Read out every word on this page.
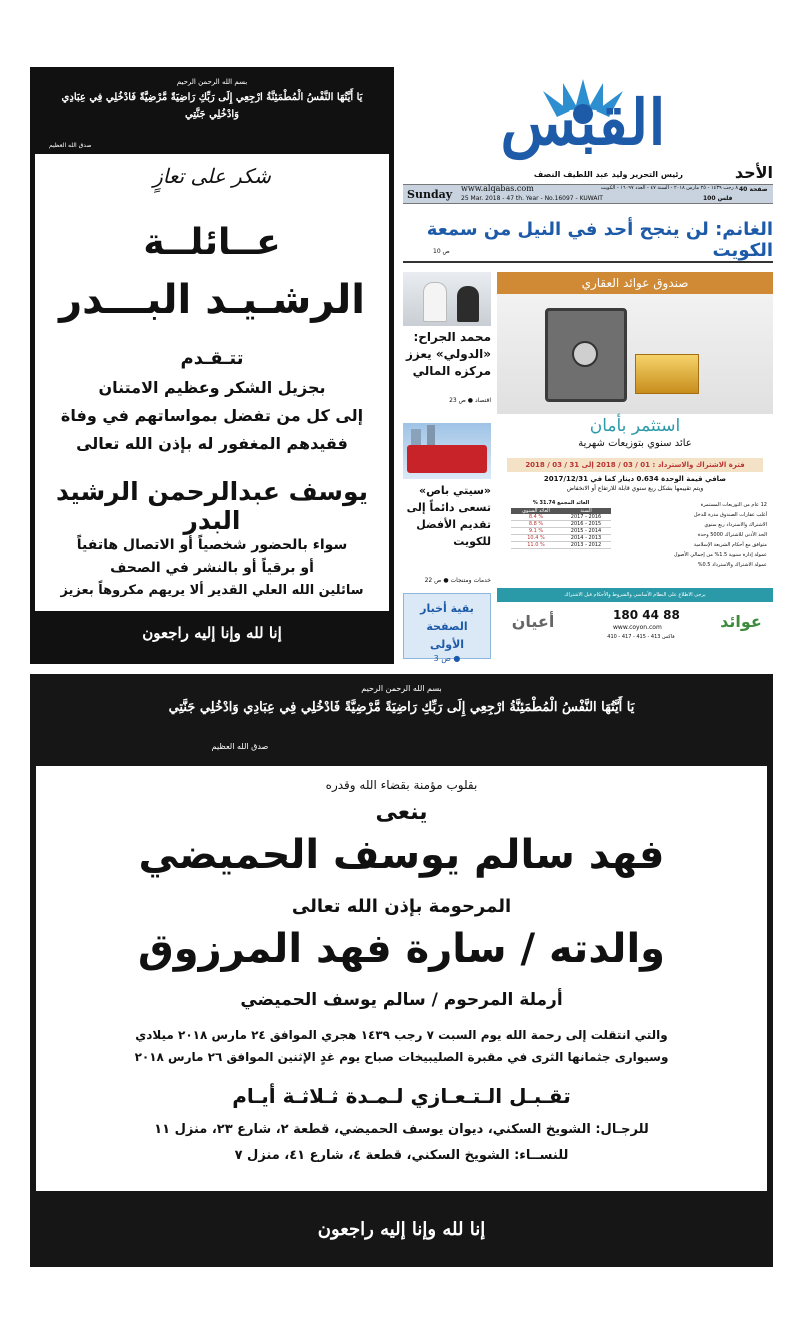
بسم الله الرحمن الرحيم
يَا أَيَّتُهَا النَّفْسُ الْمُطْمَئِنَّةُ ارْجِعِي إِلَى رَبِّكِ رَاضِيَةً مَّرْضِيَّةً فَادْخُلِي فِي عِبَادِي وَادْخُلِي جَنَّتِي
صدق الله العظيم
شكر على تعازٍ
عــائلــة
الرشـيـد البـــدر
تتـقـدم
بجزيل الشكر وعظيم الامتنان
إلى كل من تفضل بمواساتهم في وفاة
فقيدهم المغفور له بإذن الله تعالى
يوسف عبدالرحمن الرشيد البدر
سواء بالحضور شخصياً أو الاتصال هاتفياً
أو برقياً أو بالنشر في الصحف
سائلين الله العلي القدير ألا يريهم مكروهاً بعزيز
إنا لله وإنا إليه راجعون
القبس
رئيس التحرير وليد عبد اللطيف النصف	الأحد
Sunday www.alqabas.com
25 Mar. 2018 - 47 th. Year - No.16097 - KUWAIT
٨ رجب ١٤٣٩ - ٢٥ مارس ٢٠١٨ - السنة ٤٧ - العدد ١٦٠٩٧ - الكويت 40 صفحة
100 فلس
الغانم: لن ينجح أحد في النيل من سمعة الكويت
ص 10
محمد الجراح: «الدولي» يعزز مركزه المالي
اقتصاد ● ص 23
«سيتي باص» تسعى دائماً إلى تقديم الأفضل للكويت
خدمات ومتنجات ● ص 22
بقية أخبار الصفحة الأولى
● ص 3
صندوق عوائد العقاري
استثمر بأمان
عائد سنوي بتوزيعات شهرية
فترة الاشتراك والاسترداد : 01 / 03 / 2018 إلى 31 / 03 / 2018
صافي قيمة الوحدة 0.634 دينار كما في 2017/12/31
ويتم تقييمها بشكل ربع سنوي قابلة للارتفاع أو الانخفاض
العائد المجمع 31.74 %
السنة
العائد السنوي
2016 - 2017
% 8.4
2015 - 2016
% 8.8
2014 - 2015
% 9.1
2013 - 2014
% 10.4
2012 - 2013
% 11.0
12 عام من التوزيعات المستمرة
أغلب عقارات الصندوق مدرة للدخل
الاشتراك والاسترداد ربع سنوي
الحد الأدنى للاشتراك 5000 وحدة
متوافق مع أحكام الشريعة الإسلامية
عمولة إدارة سنوية 1.5% من إجمالي الأصول
عمولة الاشتراك والاسترداد 0.5%
يرجى الاطلاع على النظام الأساسي والشروط والأحكام قبل الاشتراك
أعيان	180 44 88
www.coyon.com
فاكس 413 - 415 - 417 - 410
عوائد
بسم الله الرحمن الرحيم
يَا أَيَّتُهَا النَّفْسُ الْمُطْمَئِنَّةُ ارْجِعِي إِلَى رَبِّكِ رَاضِيَةً مَّرْضِيَّةً فَادْخُلِي فِي عِبَادِي وَادْخُلِي جَنَّتِي
صدق الله العظيم
بقلوب مؤمنة بقضاء الله وقدره
ينعى
فهد سالم يوسف الحميضي
المرحومة بإذن الله تعالى
والدته / سارة فهد المرزوق
أرملة المرحوم / سالم يوسف الحميضي
والتي انتقلت إلى رحمة الله يوم السبت ٧ رجب ١٤٣٩ هجري الموافق ٢٤ مارس ٢٠١٨ ميلادي
وسيوارى جثمانها الثرى في مقبرة الصليبيخات صباح يوم غدٍ الإثنين الموافق ٢٦ مارس ٢٠١٨
تقـبـل الـتـعـازي لـمـدة ثـلاثـة أيـام
للرجـال: الشويخ السكني، ديوان يوسف الحميضي، قطعة ٢، شارع ٢٣، منزل ١١
للنســاء: الشويخ السكني، قطعة ٤، شارع ٤١، منزل ٧
إنا لله وإنا إليه راجعون
